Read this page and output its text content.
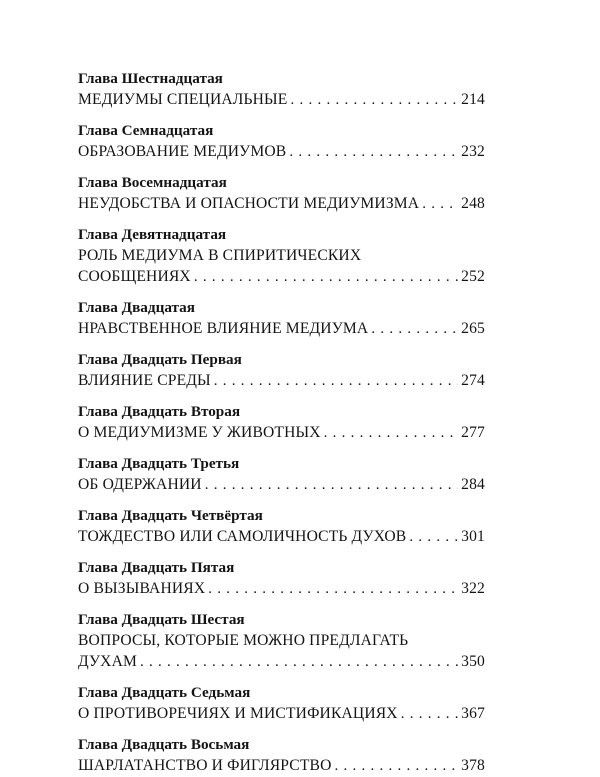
Глава Шестнадцатая
МЕДИУМЫ СПЕЦИАЛЬНЫЕ . . .	214
Глава Семнадцатая
ОБРАЗОВАНИЕ МЕДИУМОВ . . .	232
Глава Восемнадцатая
НЕУДОБСТВА И ОПАСНОСТИ МЕДИУМИЗМА . . .	248
Глава Девятнадцатая
РОЛЬ МЕДИУМА В СПИРИТИЧЕСКИХ
СООБЩЕНИЯХ . . .	252
Глава Двадцатая
НРАВСТВЕННОЕ ВЛИЯНИЕ МЕДИУМА . . .	265
Глава Двадцать Первая
ВЛИЯНИЕ СРЕДЫ . . .	274
Глава Двадцать Вторая
О МЕДИУМИЗМЕ У ЖИВОТНЫХ . . .	277
Глава Двадцать Третья
ОБ ОДЕРЖАНИИ . . .	284
Глава Двадцать Четвёртая
ТОЖДЕСТВО ИЛИ САМОЛИЧНОСТЬ ДУХОВ . . .	301
Глава Двадцать Пятая
О ВЫЗЫВАНИЯХ . . .	322
Глава Двадцать Шестая
ВОПРОСЫ, КОТОРЫЕ МОЖНО ПРЕДЛАГАТЬ
ДУХАМ . . .	350
Глава Двадцать Седьмая
О ПРОТИВОРЕЧИЯХ И МИСТИФИКАЦИЯХ . . .	367
Глава Двадцать Восьмая
ШАРЛАТАНСТВО И ФИГЛЯРСТВО . . .	378
